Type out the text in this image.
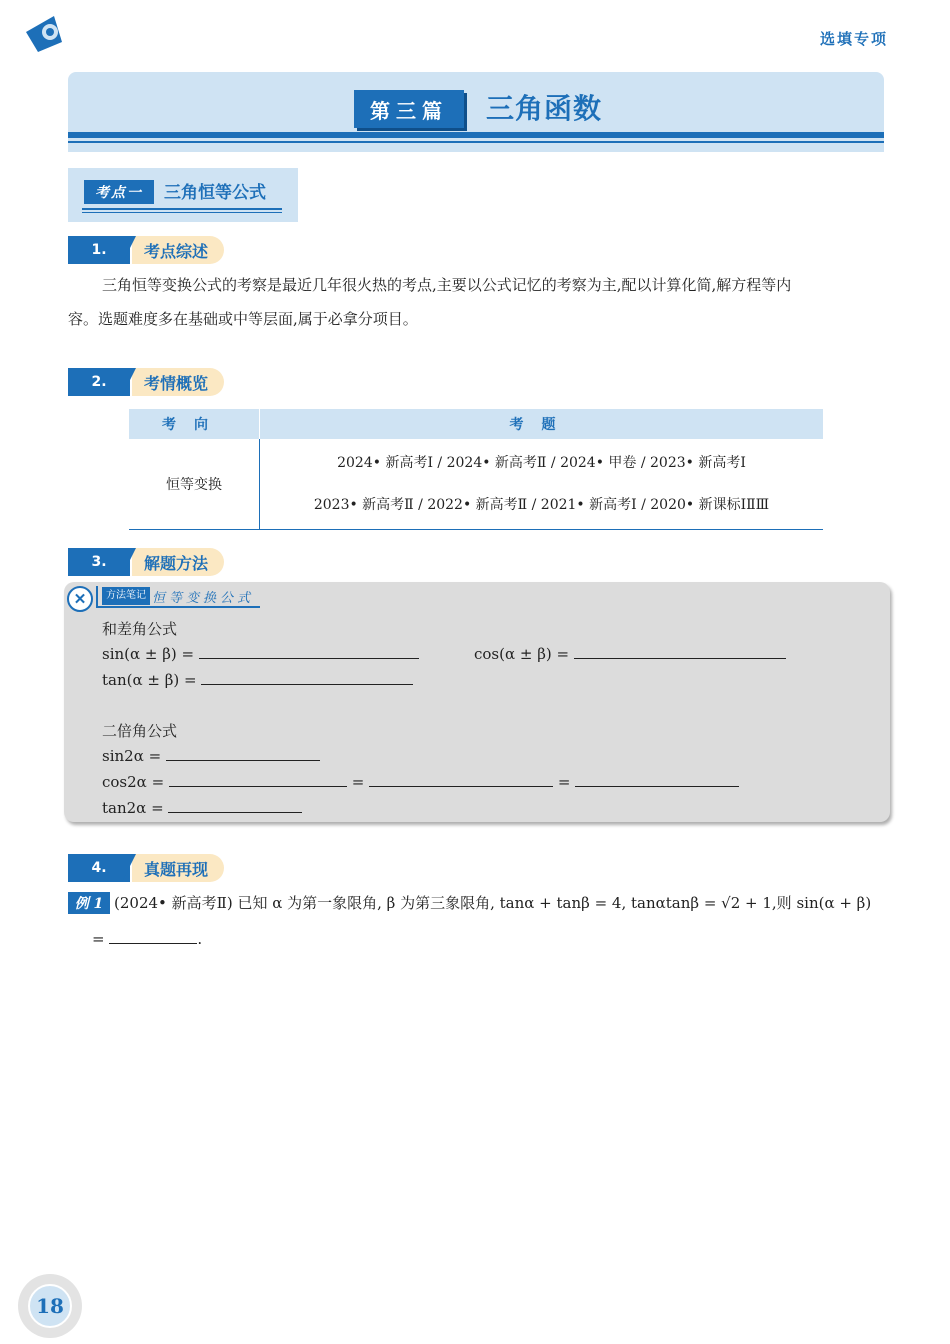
选填专项
第三篇	三角函数
考点一	三角恒等公式
考点综述
1.
三角恒等变换公式的考察是最近几年很火热的考点,主要以公式记忆的考察为主,配以计算化简,解方程等内
容。选题难度多在基础或中等层面,属于必拿分项目。
考情概览
2.
考向	考题
恒等变换	2024• 新高考Ⅰ / 2024• 新高考Ⅱ / 2024• 甲卷 / 2023• 新高考Ⅰ
2023• 新高考Ⅱ / 2022• 新高考Ⅱ / 2021• 新高考Ⅰ / 2020• 新课标ⅠⅡⅢ
解题方法
3.
✕	方法笔记 恒等变换公式
和差角公式
sin(α ± β) =	cos(α ± β) =
tan(α ± β) =
二倍角公式
sin2α =
cos2α =	=	=
tan2α =
真题再现
4.
例 1 (2024• 新高考Ⅱ) 已知 α 为第一象限角, β 为第三象限角, tanα + tanβ = 4, tanαtanβ = √2 + 1,则 sin(α + β)
=	.
18
